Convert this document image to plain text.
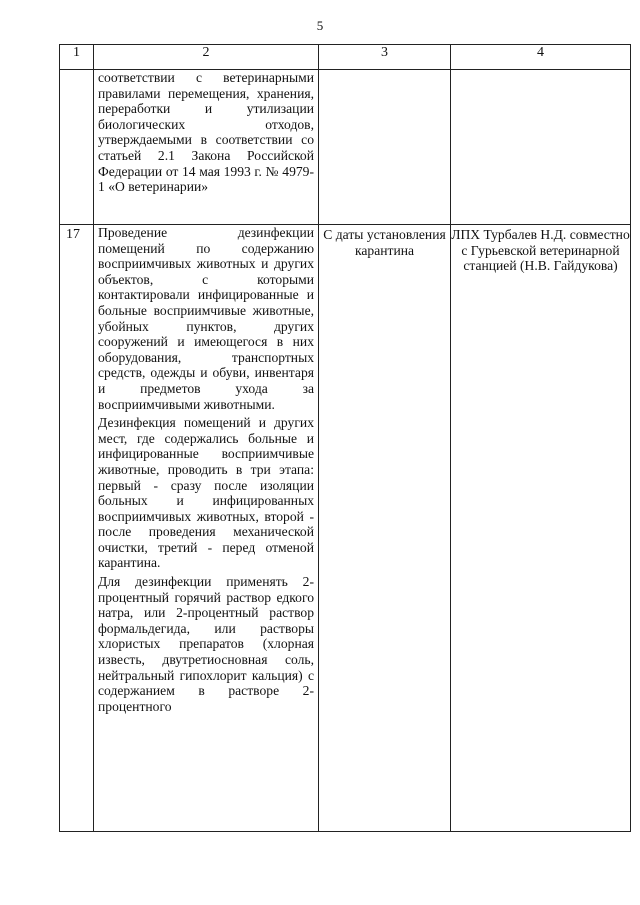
5
1	2	3	4

	соответствии с ветеринарными правилами перемещения, хранения, переработки и утилизации биологических отходов, утверждаемыми в соответствии со статьей 2.1 Закона Российской Федерации от 14 мая 1993 г. № 4979-1 «О ветеринарии»		

17	Проведение дезинфекции помещений по содержанию восприимчивых животных и других объектов, с которыми контактировали инфицированные и больные восприимчивые животные, убойных пунктов, других сооружений и имеющегося в них оборудования, транспортных средств, одежды и обуви, инвентаря и предметов ухода за восприимчивыми животными.

Дезинфекция помещений и других мест, где содержались больные и инфицированные восприимчивые животные, проводить в три этапа: первый - сразу после изоляции больных и инфицированных восприимчивых животных, второй - после проведения механической очистки, третий - перед отменой карантина.

Для дезинфекции применять 2-процентный горячий раствор едкого натра, или 2-процентный раствор формальдегида, или растворы хлористых препаратов (хлорная известь, двутретиосновная соль, нейтральный гипохлорит кальция) с содержанием в растворе 2-процентного	С даты установления карантина	ЛПХ Турбалев Н.Д. совместно с Гурьевской ветеринарной станцией (Н.В. Гайдукова)
